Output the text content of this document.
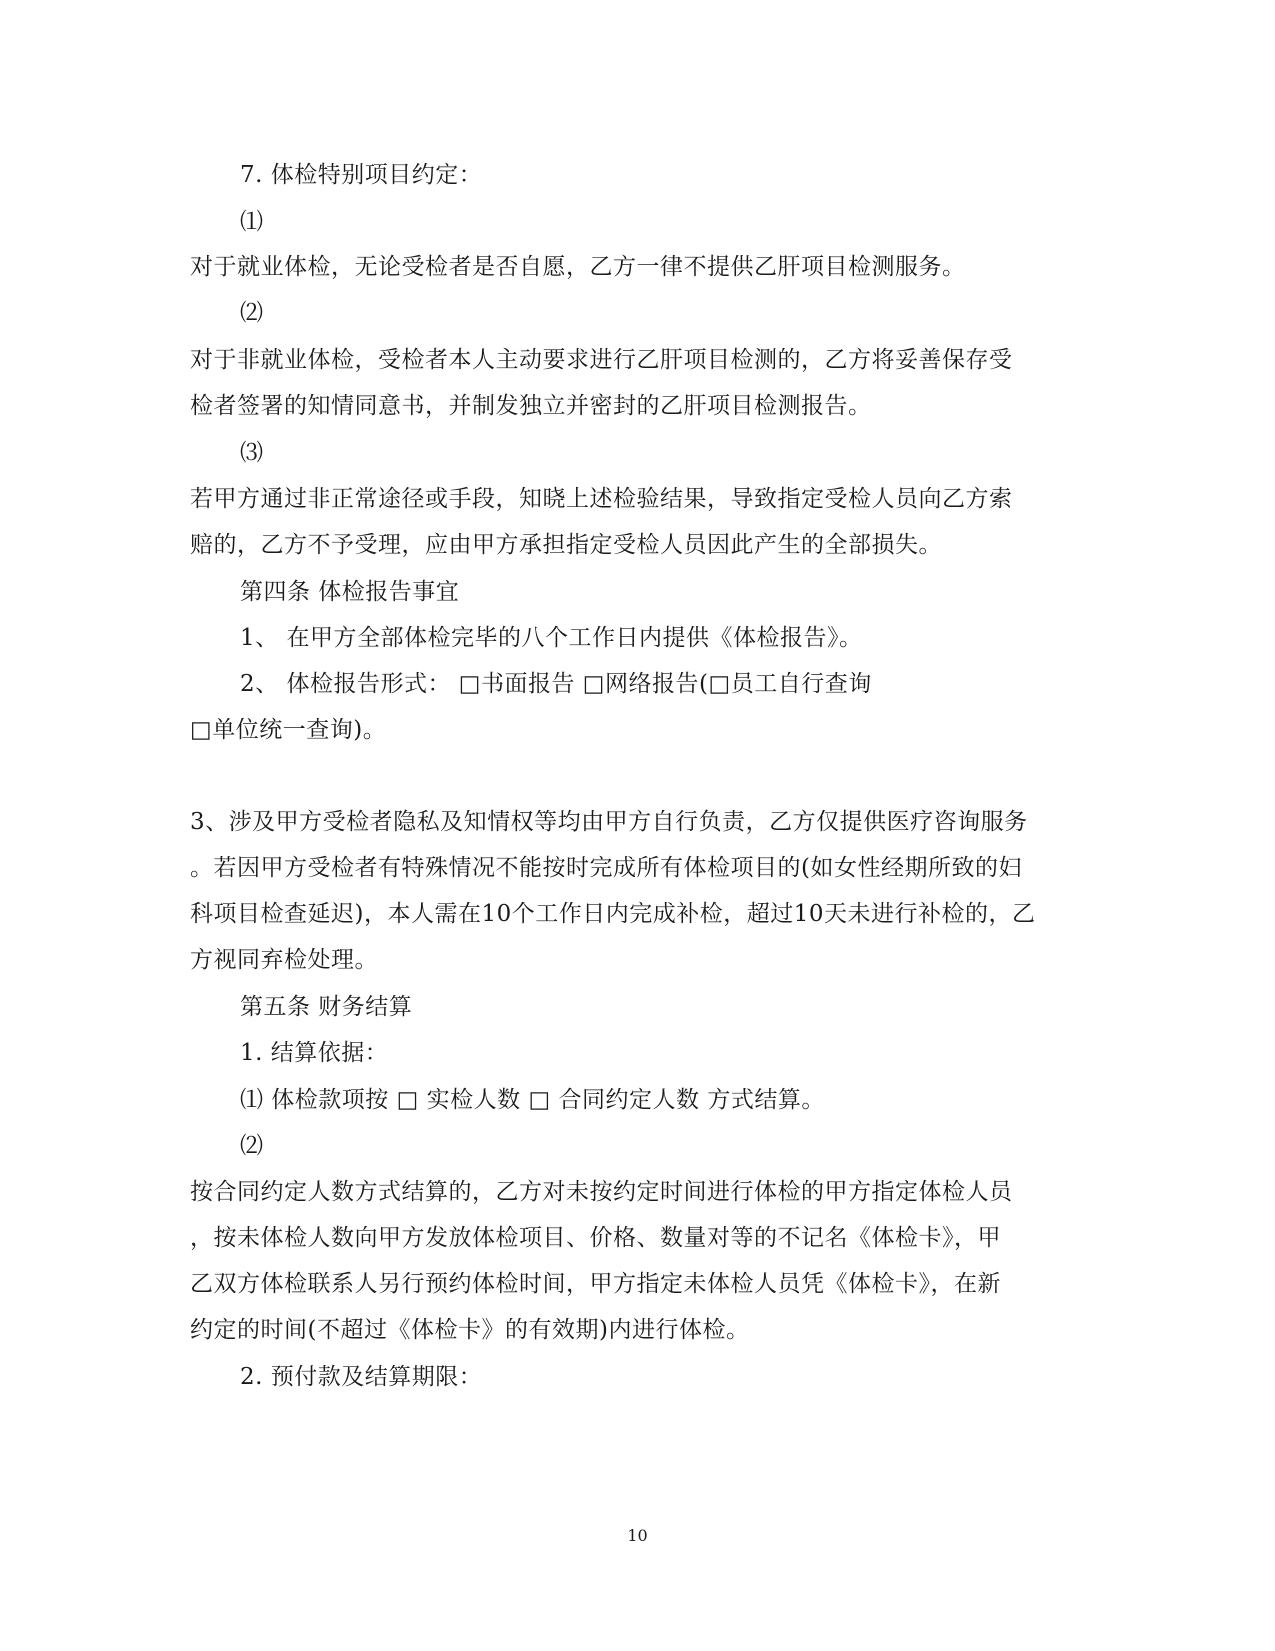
7. 体检特别项目约定：
⑴
对于就业体检，无论受检者是否自愿，乙方一律不提供乙肝项目检测服务。
⑵
对于非就业体检，受检者本人主动要求进行乙肝项目检测的，乙方将妥善保存受
检者签署的知情同意书，并制发独立并密封的乙肝项目检测报告。
⑶
若甲方通过非正常途径或手段，知晓上述检验结果，导致指定受检人员向乙方索
赔的，乙方不予受理，应由甲方承担指定受检人员因此产生的全部损失。
第四条 体检报告事宜
1、 在甲方全部体检完毕的八个工作日内提供《体检报告》。
2、 体检报告形式： □书面报告 □网络报告(□员工自行查询
□单位统一查询)。
3、涉及甲方受检者隐私及知情权等均由甲方自行负责，乙方仅提供医疗咨询服务
。若因甲方受检者有特殊情况不能按时完成所有体检项目的(如女性经期所致的妇
科项目检查延迟)，本人需在10个工作日内完成补检，超过10天未进行补检的，乙
方视同弃检处理。
第五条 财务结算
1. 结算依据：
⑴ 体检款项按 □ 实检人数 □ 合同约定人数 方式结算。
⑵
按合同约定人数方式结算的，乙方对未按约定时间进行体检的甲方指定体检人员
，按未体检人数向甲方发放体检项目、价格、数量对等的不记名《体检卡》，甲
乙双方体检联系人另行预约体检时间，甲方指定未体检人员凭《体检卡》，在新
约定的时间(不超过《体检卡》的有效期)内进行体检。
2. 预付款及结算期限：
10
